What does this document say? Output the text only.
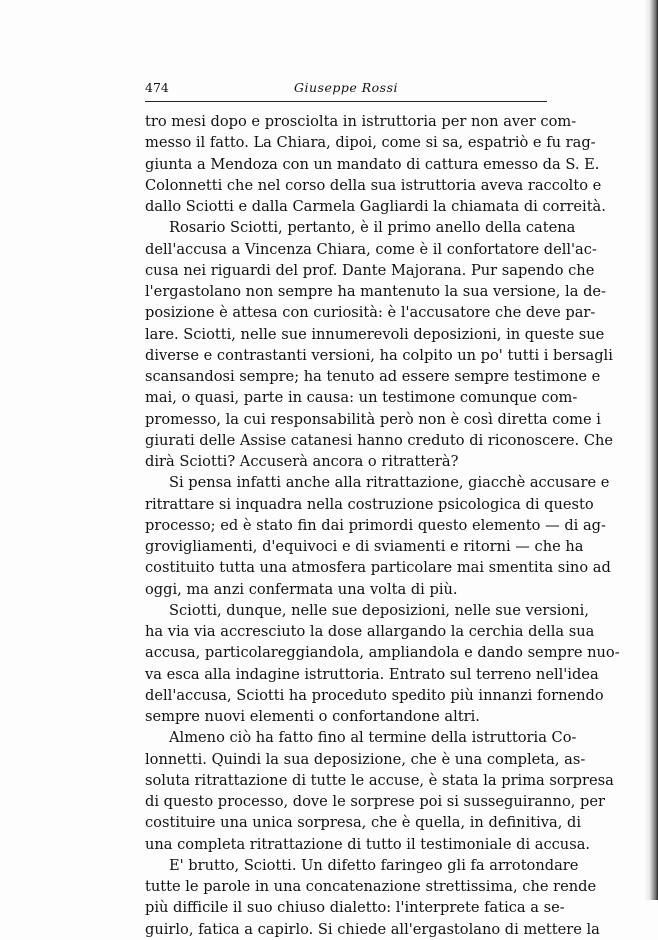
474	Giuseppe Rossi
tro mesi dopo e prosciolta in istruttoria per non aver com-
messo il fatto. La Chiara, dipoi, come si sa, espatriò e fu rag-
giunta a Mendoza con un mandato di cattura emesso da S. E.
Colonnetti che nel corso della sua istruttoria aveva raccolto e
dallo Sciotti e dalla Carmela Gagliardi la chiamata di correità.
Rosario Sciotti, pertanto, è il primo anello della catena
dell'accusa a Vincenza Chiara, come è il confortatore dell'ac-
cusa nei riguardi del prof. Dante Majorana. Pur sapendo che
l'ergastolano non sempre ha mantenuto la sua versione, la de-
posizione è attesa con curiosità: è l'accusatore che deve par-
lare. Sciotti, nelle sue innumerevoli deposizioni, in queste sue
diverse e contrastanti versioni, ha colpito un po' tutti i bersagli
scansandosi sempre; ha tenuto ad essere sempre testimone e
mai, o quasi, parte in causa: un testimone comunque com-
promesso, la cui responsabilità però non è così diretta come i
giurati delle Assise catanesi hanno creduto di riconoscere. Che
dirà Sciotti? Accuserà ancora o ritratterà?
Si pensa infatti anche alla ritrattazione, giacchè accusare e
ritrattare si inquadra nella costruzione psicologica di questo
processo; ed è stato fin dai primordi questo elemento — di ag-
grovigliamenti, d'equivoci e di sviamenti e ritorni — che ha
costituito tutta una atmosfera particolare mai smentita sino ad
oggi, ma anzi confermata una volta di più.
Sciotti, dunque, nelle sue deposizioni, nelle sue versioni,
ha via via accresciuto la dose allargando la cerchia della sua
accusa, particolareggiandola, ampliandola e dando sempre nuo-
va esca alla indagine istruttoria. Entrato sul terreno nell'idea
dell'accusa, Sciotti ha proceduto spedito più innanzi fornendo
sempre nuovi elementi o confortandone altri.
Almeno ciò ha fatto fino al termine della istruttoria Co-
lonnetti. Quindi la sua deposizione, che è una completa, as-
soluta ritrattazione di tutte le accuse, è stata la prima sorpresa
di questo processo, dove le sorprese poi si susseguiranno, per
costituire una unica sorpresa, che è quella, in definitiva, di
una completa ritrattazione di tutto il testimoniale di accusa.
E' brutto, Sciotti. Un difetto faringeo gli fa arrotondare
tutte le parole in una concatenazione strettissima, che rende
più difficile il suo chiuso dialetto: l'interprete fatica a se-
guirlo, fatica a capirlo. Si chiede all'ergastolano di mettere la
